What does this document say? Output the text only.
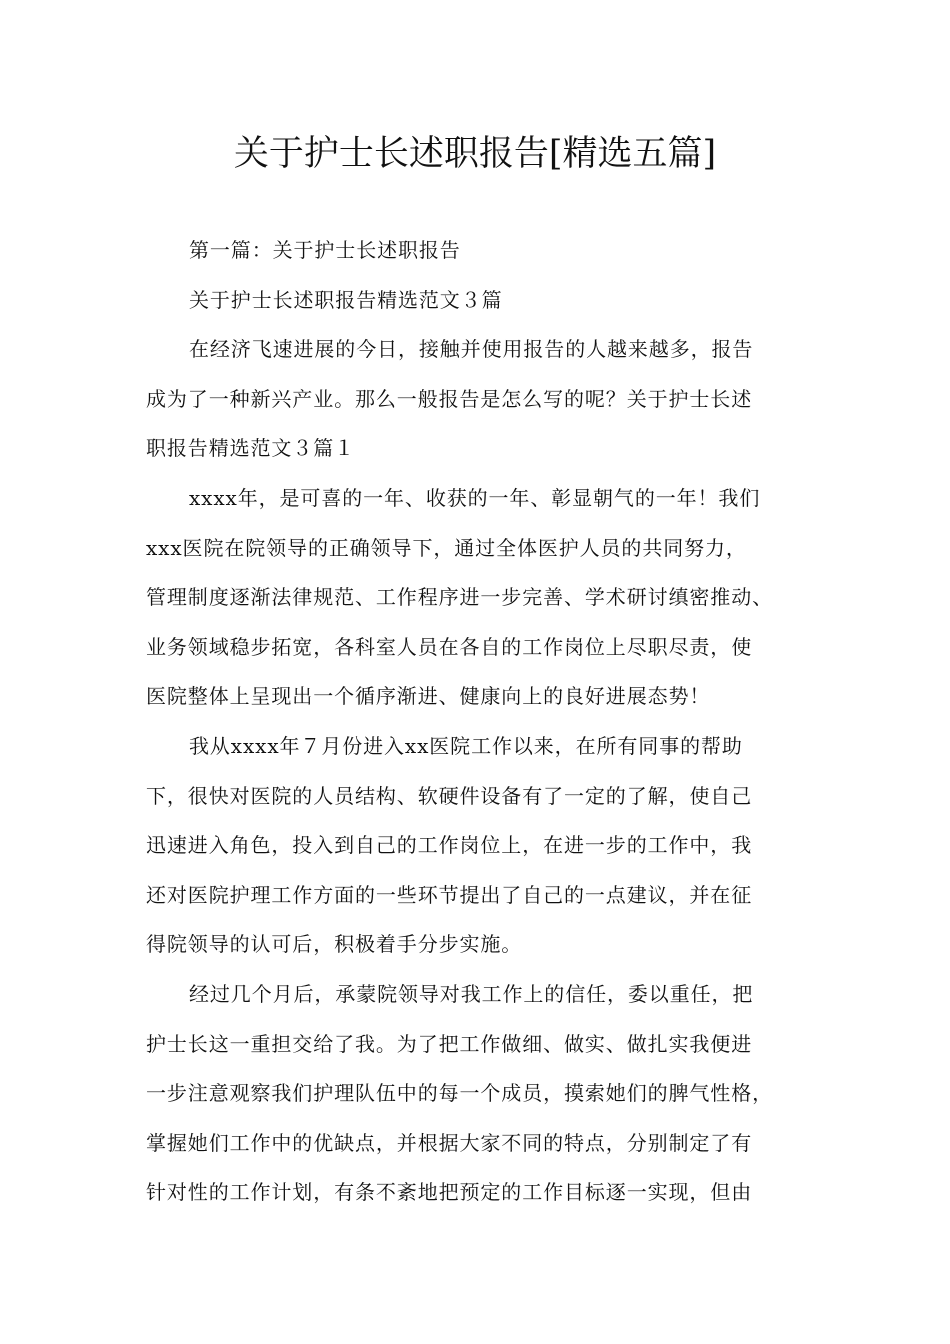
关于护士长述职报告[精选五篇]
第一篇：关于护士长述职报告
关于护士长述职报告精选范文３篇
在经济飞速进展的今日，接触并使用报告的人越来越多，报告
成为了一种新兴产业。那么一般报告是怎么写的呢？关于护士长述
职报告精选范文３篇１
xxxx年，是可喜的一年、收获的一年、彰显朝气的一年！我们
xxx医院在院领导的正确领导下，通过全体医护人员的共同努力，
管理制度逐渐法律规范、工作程序进一步完善、学术研讨缜密推动、
业务领域稳步拓宽，各科室人员在各自的工作岗位上尽职尽责，使
医院整体上呈现出一个循序渐进、健康向上的良好进展态势！
我从xxxx年７月份进入xx医院工作以来，在所有同事的帮助
下，很快对医院的人员结构、软硬件设备有了一定的了解，使自己
迅速进入角色，投入到自己的工作岗位上，在进一步的工作中，我
还对医院护理工作方面的一些环节提出了自己的一点建议，并在征
得院领导的认可后，积极着手分步实施。
经过几个月后，承蒙院领导对我工作上的信任，委以重任，把
护士长这一重担交给了我。为了把工作做细、做实、做扎实我便进
一步注意观察我们护理队伍中的每一个成员，摸索她们的脾气性格，
掌握她们工作中的优缺点，并根据大家不同的特点，分别制定了有
针对性的工作计划，有条不紊地把预定的工作目标逐一实现，但由
